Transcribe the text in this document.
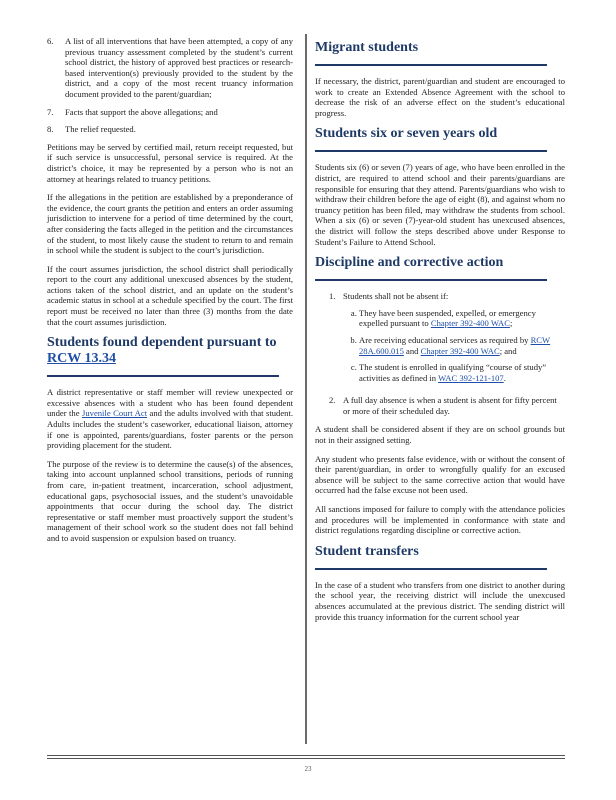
6.	A list of all interventions that have been attempted, a copy of any previous truancy assessment completed by the student’s current school district, the history of approved best practices or research-based intervention(s) previously provided to the student by the district, and a copy of the most recent truancy information document provided to the parent/guardian;
7.	Facts that support the above allegations; and
8.	The relief requested.

Petitions may be served by certified mail, return receipt requested, but if such service is unsuccessful, personal service is required. At the district’s choice, it may be represented by a person who is not an attorney at hearings related to truancy petitions.

If the allegations in the petition are established by a preponderance of the evidence, the court grants the petition and enters an order assuming jurisdiction to intervene for a period of time determined by the court, after considering the facts alleged in the petition and the circumstances of the student, to most likely cause the student to return to and remain in school while the student is subject to the court’s jurisdiction.

If the court assumes jurisdiction, the school district shall periodically report to the court any additional unexcused absences by the student, actions taken of the school district, and an update on the student’s academic status in school at a schedule specified by the court. The first report must be received no later than three (3) months from the date that the court assumes jurisdiction.

Students found dependent pursuant to RCW 13.34

A district representative or staff member will review unexpected or excessive absences with a student who has been found dependent under the Juvenile Court Act and the adults involved with that student. Adults includes the student’s caseworker, educational liaison, attorney if one is appointed, parents/guardians, foster parents or the person providing placement for the student.

The purpose of the review is to determine the cause(s) of the absences, taking into account unplanned school transitions, periods of running from care, in-patient treatment, incarceration, school adjustment, educational gaps, psychosocial issues, and the student’s unavoidable appointments that occur during the school day. The district representative or staff member must proactively support the student’s management of their school work so the student does not fall behind and to avoid suspension or expulsion based on truancy.

Migrant students

If necessary, the district, parent/guardian and student are encouraged to work to create an Extended Absence Agreement with the school to decrease the risk of an adverse effect on the student’s educational progress.

Students six or seven years old

Students six (6) or seven (7) years of age, who have been enrolled in the district, are required to attend school and their parents/guardians are responsible for ensuring that they attend. Parents/guardians who wish to withdraw their children before the age of eight (8), and against whom no truancy petition has been filed, may withdraw the students from school. When a six (6) or seven (7)-year-old student has unexcused absences, the district will follow the steps described above under Response to Student’s Failure to Attend School.

Discipline and corrective action
1. Students shall not be absent if:
a. They have been suspended, expelled, or emergency expelled pursuant to Chapter 392-400 WAC;
b. Are receiving educational services as required by RCW 28A.600.015 and Chapter 392-400 WAC; and
c. The student is enrolled in qualifying “course of study” activities as defined in WAC 392-121-107.
2. A full day absence is when a student is absent for fifty percent or more of their scheduled day.

A student shall be considered absent if they are on school grounds but not in their assigned setting.

Any student who presents false evidence, with or without the consent of their parent/guardian, in order to wrongfully qualify for an excused absence will be subject to the same corrective action that would have occurred had the false excuse not been used.

All sanctions imposed for failure to comply with the attendance policies and procedures will be implemented in conformance with state and district regulations regarding discipline or corrective action.

Student transfers

In the case of a student who transfers from one district to another during the school year, the receiving district will include the unexcused absences accumulated at the previous district. The sending district will provide this truancy information for the current school year

23
